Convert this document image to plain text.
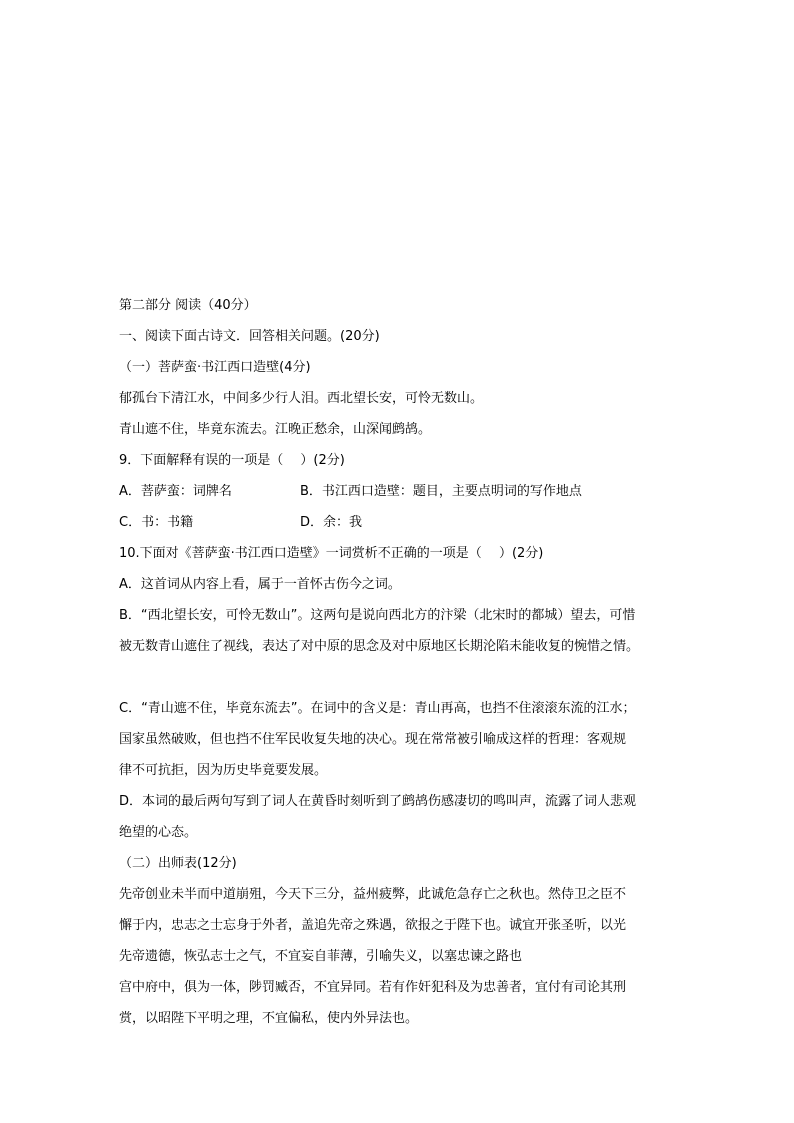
第二部分 阅读（40分）
一、阅读下面古诗文．回答相关问题。(20分)
（一）菩萨蛮·书江西口造壁(4分)
郁孤台下清江水，中间多少行人泪。西北望长安，可怜无数山。
青山遮不住，毕竟东流去。江晚正愁余，山深闻鹧鸪。
9．下面解释有误的一项是（　 ）(2分)
A．菩萨蛮：词牌名	B．书江西口造壁：题目，主要点明词的写作地点
C．书：书籍	D．余：我
10.下面对《菩萨蛮·书江西口造壁》一词赏析不正确的一项是（　 ）(2分)
A．这首词从内容上看，属于一首怀古伤今之词。
B．“西北望长安，可怜无数山”。这两句是说向西北方的汴梁（北宋时的都城）望去，可惜
被无数青山遮住了视线，表达了对中原的思念及对中原地区长期沦陷未能收复的惋惜之情。
C．“青山遮不住，毕竟东流去”。在词中的含义是：青山再高，也挡不住滚滚东流的江水；
国家虽然破败，但也挡不住军民收复失地的决心。现在常常被引喻成这样的哲理：客观规
律不可抗拒，因为历史毕竟要发展。
D．本词的最后两句写到了词人在黄昏时刻听到了鹧鸪伤感凄切的鸣叫声，流露了词人悲观
绝望的心态。
（二）出师表(12分)
先帝创业未半而中道崩殂，今天下三分，益州疲弊，此诚危急存亡之秋也。然侍卫之臣不
懈于内，忠志之士忘身于外者，盖追先帝之殊遇，欲报之于陛下也。诚宜开张圣听，以光
先帝遗德，恢弘志士之气，不宜妄自菲薄，引喻失义，以塞忠谏之路也
宫中府中，俱为一体，陟罚臧否，不宜异同。若有作奸犯科及为忠善者，宜付有司论其刑
赏，以昭陛下平明之理，不宜偏私，使内外异法也。
